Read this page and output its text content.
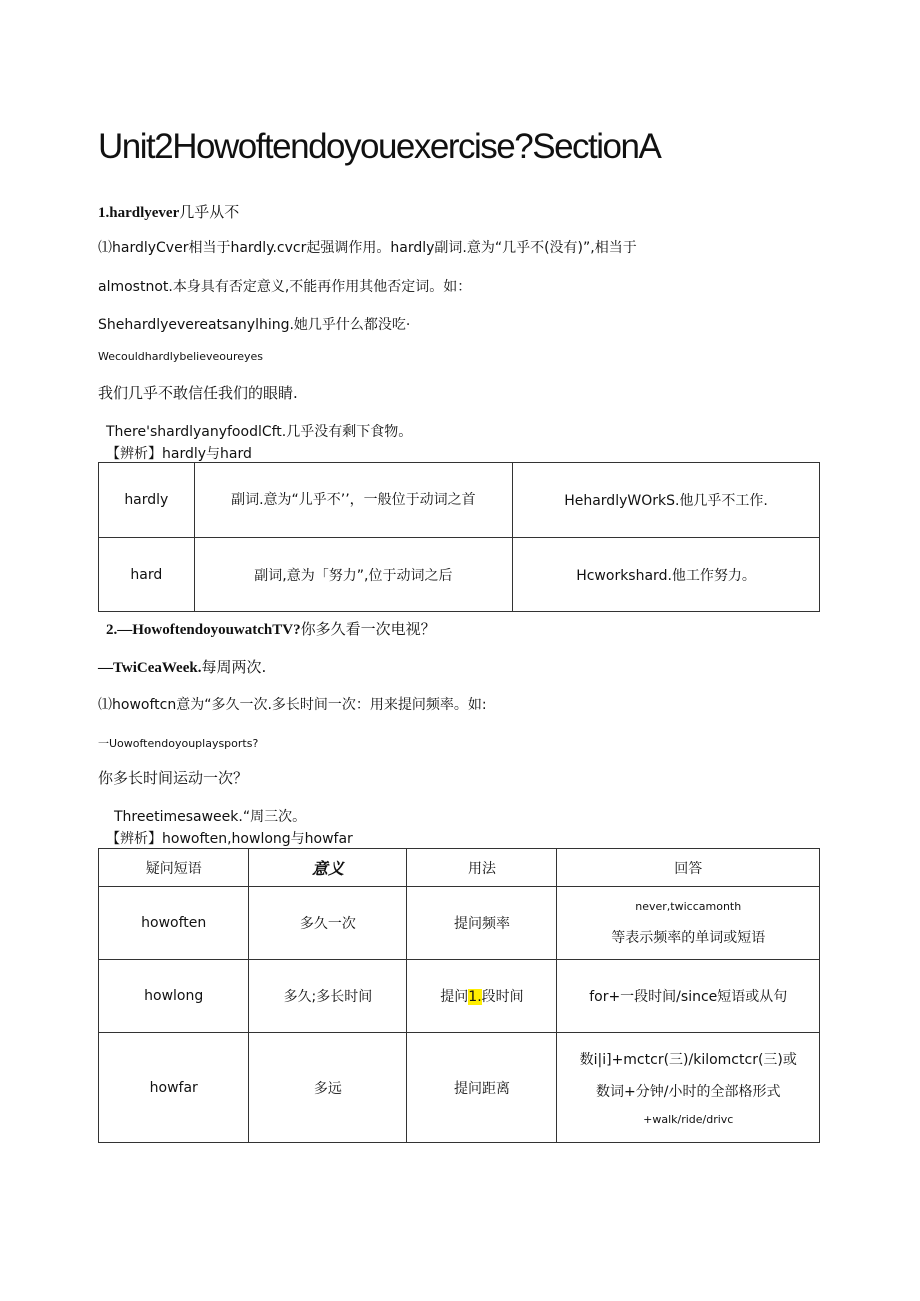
Unit2Howoftendoyouexercise?SectionA
1.hardlyever几乎从不
⑴hardlyCver相当于hardly.cvcr起强调作用。hardly副词.意为“几乎不(没有)”,相当于
almostnot.本身具有否定意义,不能再作用其他否定词。如：
Shehardlyevereatsanylhing.她几乎什么都没吃·
Wecouldhardlybelieveoureyes
我们几乎不敢信任我们的眼睛.
There'shardlyanyfoodlCft.几乎没有剩下食物。
【辨析】hardly与hard
hardly	副词.意为“儿乎不’’，一般位于动词之首	HehardlyWOrkS.他几乎不工作.
hard	副词,意为「努力”,位于动词之后	Hcworkshard.他工作努力。
2.—HowoftendoyouwatchTV?你多久看一次电视？
—TwiCeaWeek.每周两次.
⑴howoftcn意为“多久一次.多长时间一次：用来提问频率。如:
一Uowoftendoyouplaysports?
你多长时间运动一次？
Threetimesaweek.“周三次。
【辨析】howoften,howlong与howfar
疑问短语	意义	用法	回答
howoften	多久一次	提问频率	never,twiccamonth
等表示频率的单词或短语

howlong	多久;多长时间	提问1.段时间	for+一段时间/since短语或从句
howfar	多远	提问距离	数i|i]+mctcr(三)/kilomctcr(三)或
数词+分钟/小时的全部格形式
+walk/ride/drivc
